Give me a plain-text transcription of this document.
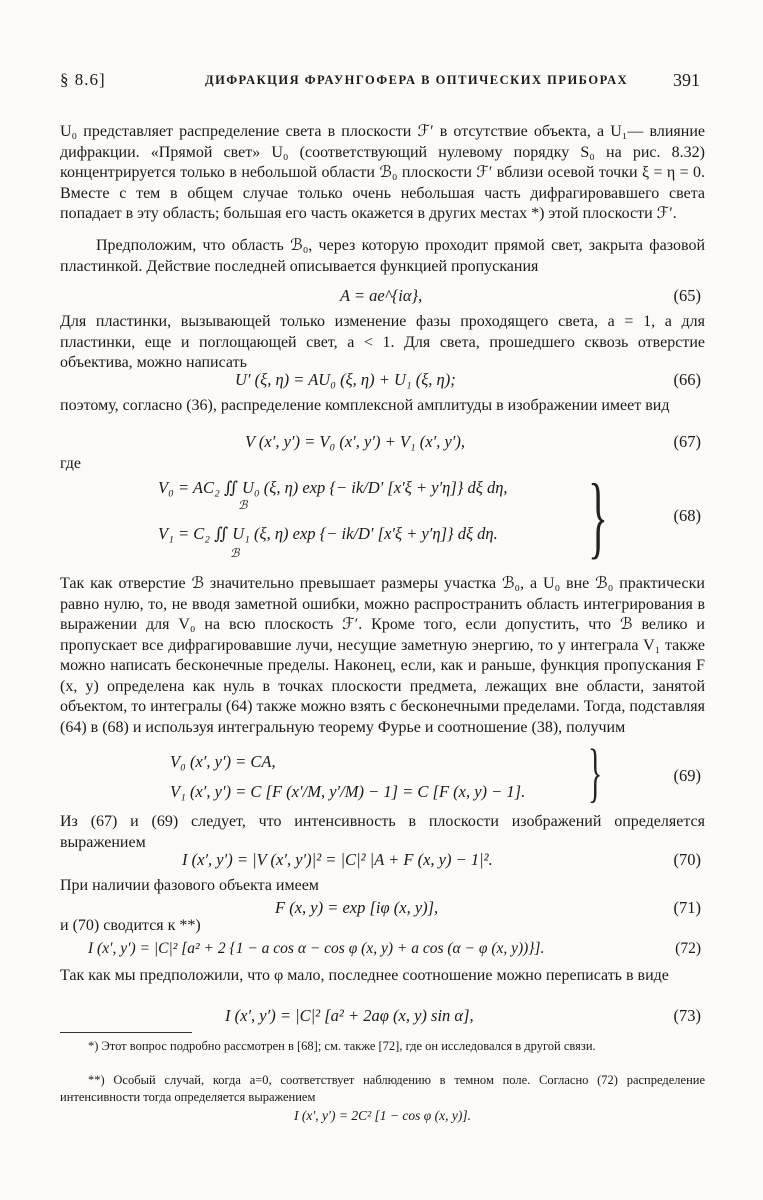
§ 8.6]	ДИФРАКЦИЯ ФРАУНГОФЕРА В ОПТИЧЕСКИХ ПРИБОРАХ 391
U₀ представляет распределение света в плоскости ℱ′ в отсутствие объекта, а U₁— влияние дифракции. «Прямой свет» U₀ (соответствующий нулевому порядку S₀ на рис. 8.32) концентрируется только в небольшой области ℬ₀ плоскости ℱ′ вблизи осевой точки ξ = η = 0. Вместе с тем в общем случае только очень небольшая часть дифрагировавшего света попадает в эту область; большая его часть окажется в других местах *) этой плоскости ℱ′.
Предположим, что область ℬ₀, через которую проходит прямой свет, закрыта фазовой пластинкой. Действие последней описывается функцией пропускания
A = ae^{iα},	(65)
Для пластинки, вызывающей только изменение фазы проходящего света, a = 1, а для пластинки, еще и поглощающей свет, a < 1. Для света, прошедшего сквозь отверстие объектива, можно написать
U′ (ξ, η) = AU₀ (ξ, η) + U₁ (ξ, η);	(66)
поэтому, согласно (36), распределение комплексной амплитуды в изображении имеет вид
V (x′, y′) = V₀ (x′, y′) + V₁ (x′, y′),	(67)
где
V₀ = AC₂ ∬ U₀ (ξ, η) exp {− ik/D′ [x′ξ + y′η]} dξ dη,
ℬ
V₁ = C₂ ∬ U₁ (ξ, η) exp {− ik/D′ [x′ξ + y′η]} dξ dη.
ℬ	}	(68)
Так как отверстие ℬ значительно превышает размеры участка ℬ₀, а U₀ вне ℬ₀ практически равно нулю, то, не вводя заметной ошибки, можно распространить область интегрирования в выражении для V₀ на всю плоскость ℱ′. Кроме того, если допустить, что ℬ велико и пропускает все дифрагировавшие лучи, несущие заметную энергию, то у интеграла V₁ также можно написать бесконечные пределы. Наконец, если, как и раньше, функция пропускания F (x, y) определена как нуль в точках плоскости предмета, лежащих вне области, занятой объектом, то интегралы (64) также можно взять с бесконечными пределами. Тогда, подставляя (64) в (68) и используя интегральную теорему Фурье и соотношение (38), получим
V₀ (x′, y′) = CA,
V₁ (x′, y′) = C [F (x′/M, y′/M) − 1] = C [F (x, y) − 1]. }	(69)
Из (67) и (69) следует, что интенсивность в плоскости изображений определяется выражением
I (x′, y′) = |V (x′, y′)|² = |C|² |A + F (x, y) − 1|².	(70)
При наличии фазового объекта имеем
F (x, y) = exp [iφ (x, y)],	(71)
и (70) сводится к **)
I (x′, y′) = |C|² [a² + 2 {1 − a cos α − cos φ (x, y) + a cos (α − φ (x, y))}].	(72)
Так как мы предположили, что φ мало, последнее соотношение можно переписать в виде
I (x′, y′) = |C|² [a² + 2aφ (x, y) sin α],	(73)
*) Этот вопрос подробно рассмотрен в [68]; см. также [72], где он исследовался в другой связи.
**) Особый случай, когда a=0, соответствует наблюдению в темном поле. Согласно (72) распределение интенсивности тогда определяется выражением
I (x′, y′) = 2C² [1 − cos φ (x, y)].
